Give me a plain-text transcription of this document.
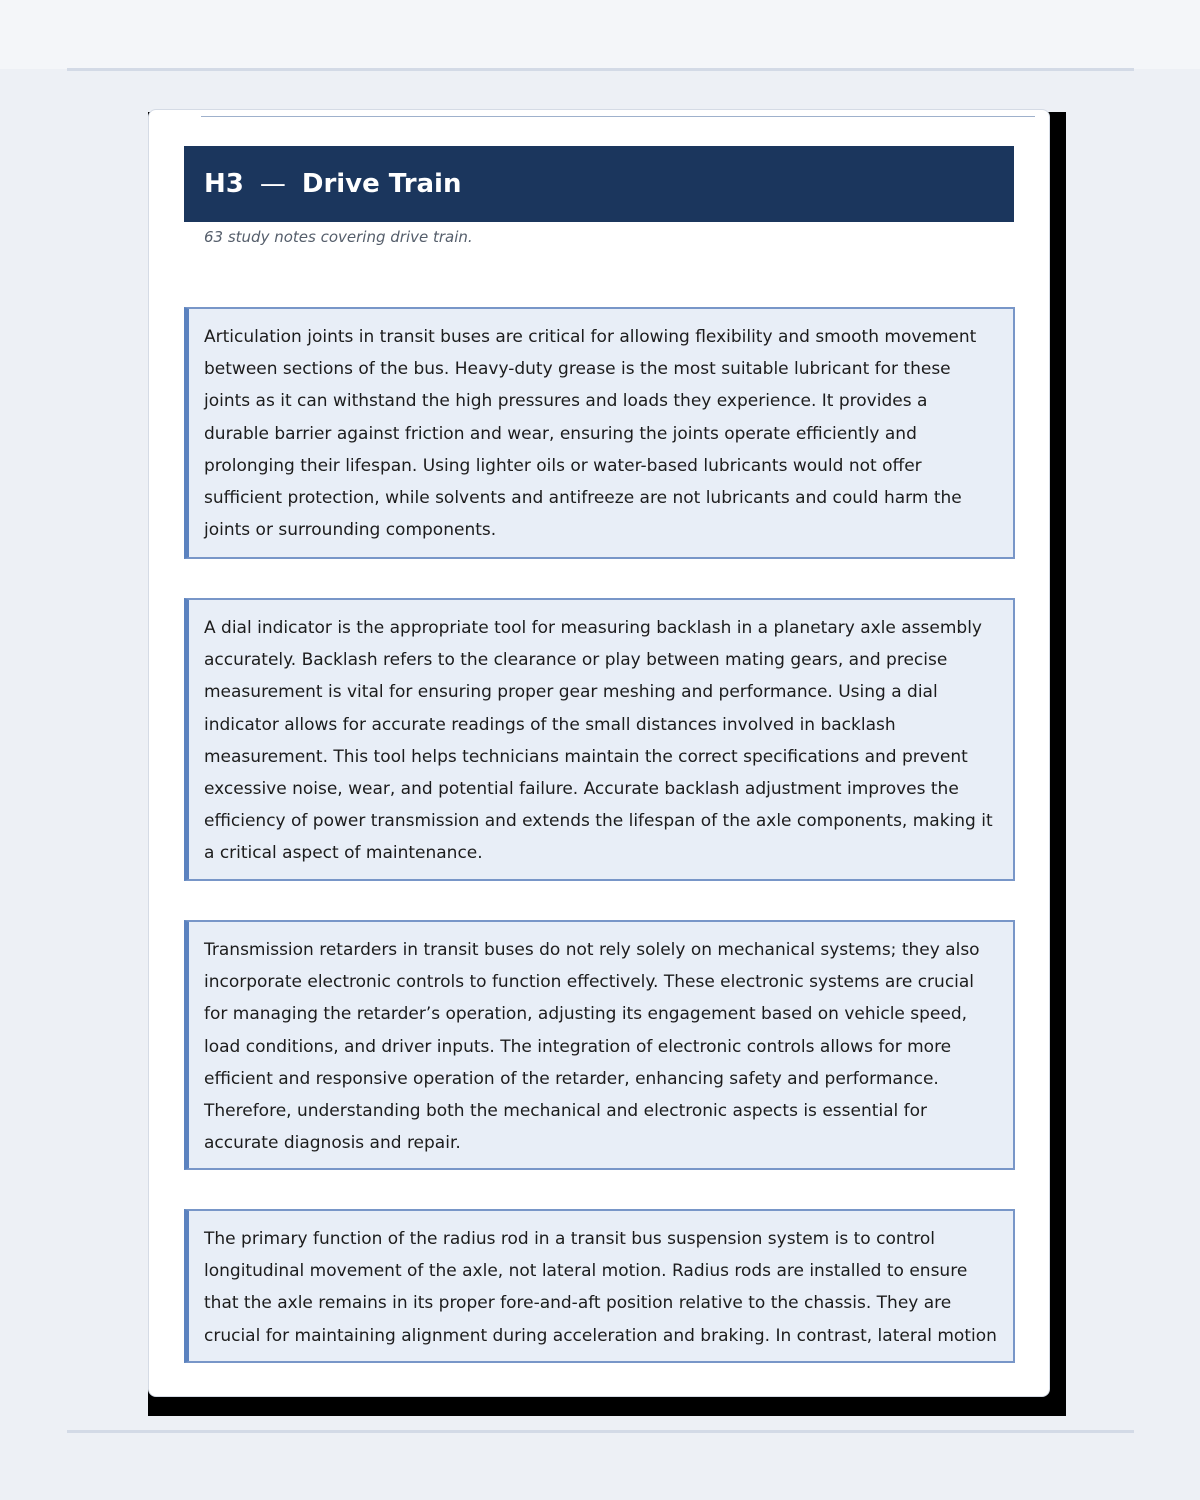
H3 — Drive Train
63 study notes covering drive train.
Articulation joints in transit buses are critical for allowing flexibility and smooth movement between sections of the bus. Heavy-duty grease is the most suitable lubricant for these joints as it can withstand the high pressures and loads they experience. It provides a durable barrier against friction and wear, ensuring the joints operate efficiently and prolonging their lifespan. Using lighter oils or water-based lubricants would not offer sufficient protection, while solvents and antifreeze are not lubricants and could harm the joints or surrounding components.
A dial indicator is the appropriate tool for measuring backlash in a planetary axle assembly accurately. Backlash refers to the clearance or play between mating gears, and precise measurement is vital for ensuring proper gear meshing and performance. Using a dial indicator allows for accurate readings of the small distances involved in backlash measurement. This tool helps technicians maintain the correct specifications and prevent excessive noise, wear, and potential failure. Accurate backlash adjustment improves the efficiency of power transmission and extends the lifespan of the axle components, making it a critical aspect of maintenance.
Transmission retarders in transit buses do not rely solely on mechanical systems; they also incorporate electronic controls to function effectively. These electronic systems are crucial for managing the retarder’s operation, adjusting its engagement based on vehicle speed, load conditions, and driver inputs. The integration of electronic controls allows for more efficient and responsive operation of the retarder, enhancing safety and performance. Therefore, understanding both the mechanical and electronic aspects is essential for accurate diagnosis and repair.
The primary function of the radius rod in a transit bus suspension system is to control longitudinal movement of the axle, not lateral motion. Radius rods are installed to ensure that the axle remains in its proper fore-and-aft position relative to the chassis. They are crucial for maintaining alignment during acceleration and braking. In contrast, lateral motion
